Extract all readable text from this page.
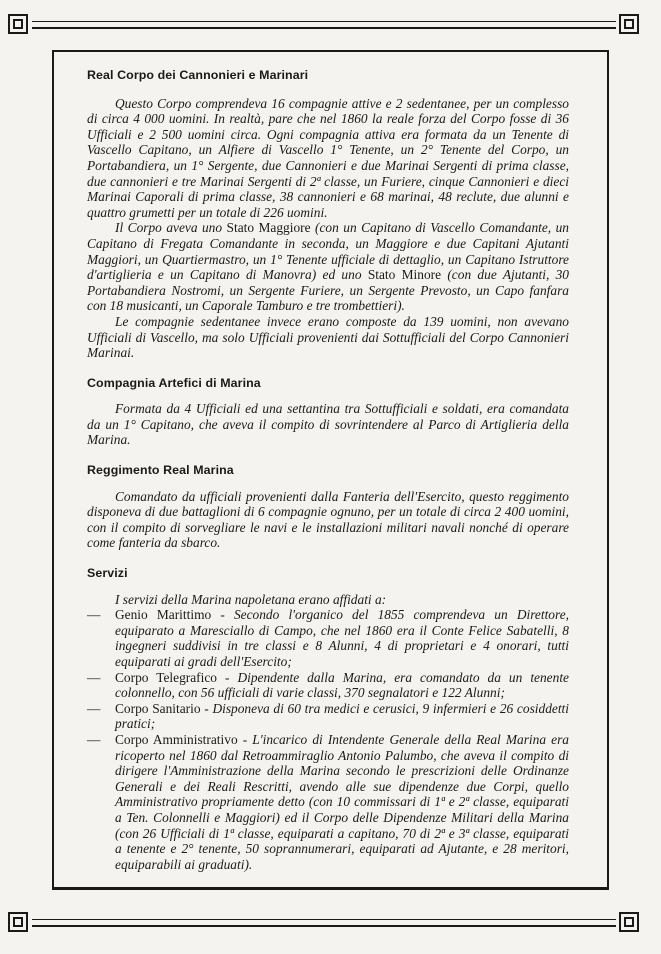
Real Corpo dei Cannonieri e Marinari

Questo Corpo comprendeva 16 compagnie attive e 2 sedentanee, per un complesso di circa 4 000 uomini. In realtà, pare che nel 1860 la reale forza del Corpo fosse di 36 Ufficiali e 2 500 uomini circa. Ogni compagnia attiva era formata da un Tenente di Vascello Capitano, un Alfiere di Vascello 1° Tenente, un 2° Tenente del Corpo, un Portabandiera, un 1° Sergente, due Cannonieri e due Marinai Sergenti di prima classe, due cannonieri e tre Marinai Sergenti di 2ª classe, un Furiere, cinque Cannonieri e dieci Marinai Caporali di prima classe, 38 cannonieri e 68 marinai, 48 reclute, due alunni e quattro grumetti per un totale di 226 uomini.

Il Corpo aveva uno Stato Maggiore (con un Capitano di Vascello Comandante, un Capitano di Fregata Comandante in seconda, un Maggiore e due Capitani Ajutanti Maggiori, un Quartiermastro, un 1° Tenente ufficiale di dettaglio, un Capitano Istruttore d'artiglieria e un Capitano di Manovra) ed uno Stato Minore (con due Ajutanti, 30 Portabandiera Nostromi, un Sergente Furiere, un Sergente Prevosto, un Capo fanfara con 18 musicanti, un Caporale Tamburo e tre trombettieri).

Le compagnie sedentanee invece erano composte da 139 uomini, non avevano Ufficiali di Vascello, ma solo Ufficiali provenienti dai Sottufficiali del Corpo Cannonieri Marinai.

Compagnia Artefici di Marina

Formata da 4 Ufficiali ed una settantina tra Sottufficiali e soldati, era comandata da un 1° Capitano, che aveva il compito di sovrintendere al Parco di Artiglieria della Marina.

Reggimento Real Marina

Comandato da ufficiali provenienti dalla Fanteria dell'Esercito, questo reggimento disponeva di due battaglioni di 6 compagnie ognuno, per un totale di circa 2 400 uomini, con il compito di sorvegliare le navi e le installazioni militari navali nonché di operare come fanteria da sbarco.

Servizi

I servizi della Marina napoletana erano affidati a:

— Genio Marittimo - Secondo l'organico del 1855 comprendeva un Direttore, equiparato a Maresciallo di Campo, che nel 1860 era il Conte Felice Sabatelli, 8 ingegneri suddivisi in tre classi e 8 Alunni, 4 di proprietari e 4 onorari, tutti equiparati ai gradi dell'Esercito;
— Corpo Telegrafico - Dipendente dalla Marina, era comandato da un tenente colonnello, con 56 ufficiali di varie classi, 370 segnalatori e 122 Alunni;
— Corpo Sanitario - Disponeva di 60 tra medici e cerusici, 9 infermieri e 26 cosiddetti pratici;
— Corpo Amministrativo - L'incarico di Intendente Generale della Real Marina era ricoperto nel 1860 dal Retroammiraglio Antonio Palumbo, che aveva il compito di dirigere l'Amministrazione della Marina secondo le prescrizioni delle Ordinanze Generali e dei Reali Rescritti, avendo alle sue dipendenze due Corpi, quello Amministrativo propriamente detto (con 10 commissari di 1ª e 2ª classe, equiparati a Ten. Colonnelli e Maggiori) ed il Corpo delle Dipendenze Militari della Marina (con 26 Ufficiali di 1ª classe, equiparati a capitano, 70 di 2ª e 3ª classe, equiparati a tenente e 2° tenente, 50 soprannumerari, equiparati ad Ajutante, e 28 meritori, equiparabili ai graduati).
